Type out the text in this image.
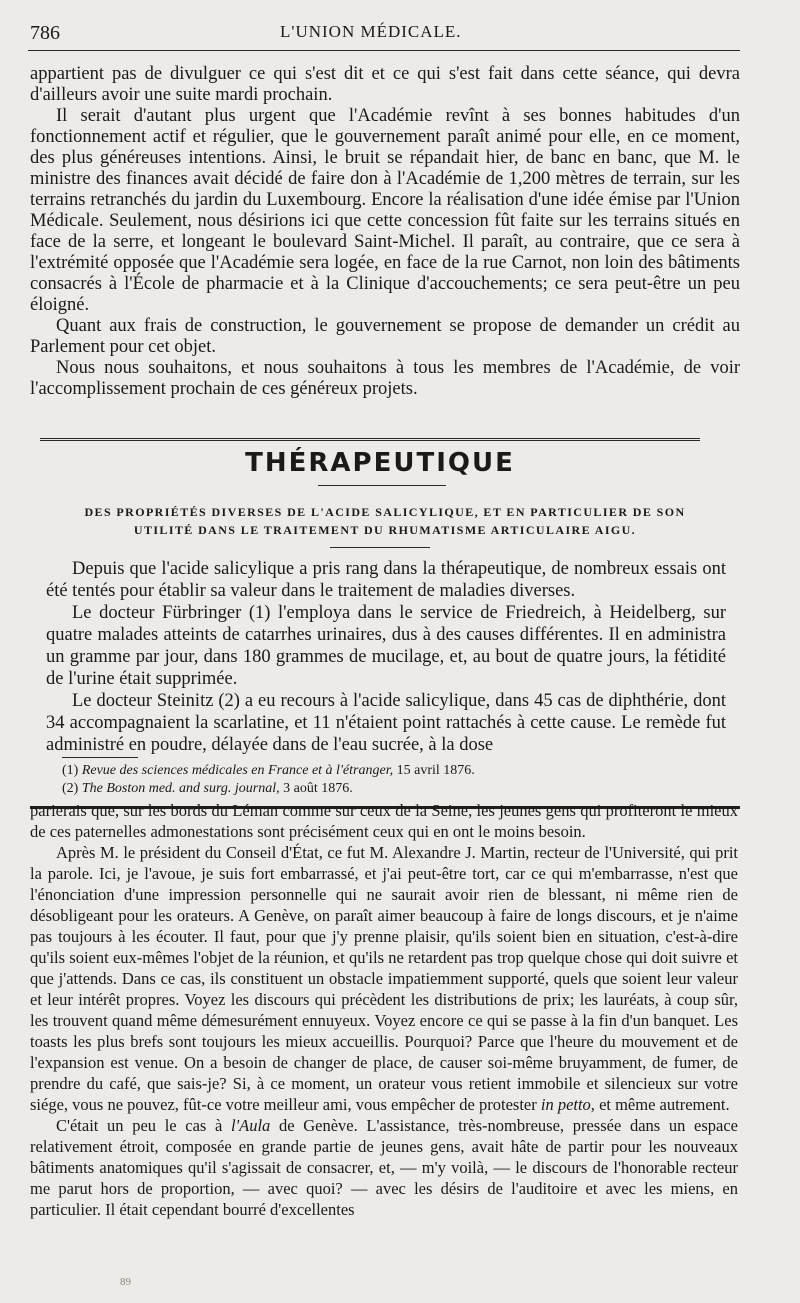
786	L'UNION MÉDICALE.

appartient pas de divulguer ce qui s'est dit et ce qui s'est fait dans cette séance, qui devra d'ailleurs avoir une suite mardi prochain.

Il serait d'autant plus urgent que l'Académie revînt à ses bonnes habitudes d'un fonctionnement actif et régulier, que le gouvernement paraît animé pour elle, en ce moment, des plus généreuses intentions. Ainsi, le bruit se répandait hier, de banc en banc, que M. le ministre des finances avait décidé de faire don à l'Académie de 1,200 mètres de terrain, sur les terrains retranchés du jardin du Luxembourg. Encore la réalisation d'une idée émise par l'Union Médicale. Seulement, nous désirions ici que cette concession fût faite sur les terrains situés en face de la serre, et longeant le boulevard Saint-Michel. Il paraît, au contraire, que ce sera à l'extrémité opposée que l'Académie sera logée, en face de la rue Carnot, non loin des bâtiments consacrés à l'École de pharmacie et à la Clinique d'accouchements; ce sera peut-être un peu éloigné.

Quant aux frais de construction, le gouvernement se propose de demander un crédit au Parlement pour cet objet.

Nous nous souhaitons, et nous souhaitons à tous les membres de l'Académie, de voir l'accomplissement prochain de ces généreux projets.

THÉRAPEUTIQUE
DES PROPRIÉTÉS DIVERSES DE L'ACIDE SALICYLIQUE, ET EN PARTICULIER DE SON
UTILITÉ DANS LE TRAITEMENT DU RHUMATISME ARTICULAIRE AIGU.

Depuis que l'acide salicylique a pris rang dans la thérapeutique, de nombreux essais ont été tentés pour établir sa valeur dans le traitement de maladies diverses.

Le docteur Fürbringer (1) l'employa dans le service de Friedreich, à Heidelberg, sur quatre malades atteints de catarrhes urinaires, dus à des causes différentes. Il en administra un gramme par jour, dans 180 grammes de mucilage, et, au bout de quatre jours, la fétidité de l'urine était supprimée.

Le docteur Steinitz (2) a eu recours à l'acide salicylique, dans 45 cas de diphthérie, dont 34 accompagnaient la scarlatine, et 11 n'étaient point rattachés à cette cause. Le remède fut administré en poudre, délayée dans de l'eau sucrée, à la dose

(1) Revue des sciences médicales en France et à l'étranger, 15 avril 1876.
(2) The Boston med. and surg. journal, 3 août 1876.

parierais que, sur les bords du Léman comme sur ceux de la Seine, les jeunes gens qui profiteront le mieux de ces paternelles admonestations sont précisément ceux qui en ont le moins besoin.

Après M. le président du Conseil d'État, ce fut M. Alexandre J. Martin, recteur de l'Université, qui prit la parole. Ici, je l'avoue, je suis fort embarrassé, et j'ai peut-être tort, car ce qui m'embarrasse, n'est que l'énonciation d'une impression personnelle qui ne saurait avoir rien de blessant, ni même rien de désobligeant pour les orateurs. A Genève, on paraît aimer beaucoup à faire de longs discours, et je n'aime pas toujours à les écouter. Il faut, pour que j'y prenne plaisir, qu'ils soient bien en situation, c'est-à-dire qu'ils soient eux-mêmes l'objet de la réunion, et qu'ils ne retardent pas trop quelque chose qui doit suivre et que j'attends. Dans ce cas, ils constituent un obstacle impatiemment supporté, quels que soient leur valeur et leur intérêt propres. Voyez les discours qui précèdent les distributions de prix; les lauréats, à coup sûr, les trouvent quand même démesurément ennuyeux. Voyez encore ce qui se passe à la fin d'un banquet. Les toasts les plus brefs sont toujours les mieux accueillis. Pourquoi? Parce que l'heure du mouvement et de l'expansion est venue. On a besoin de changer de place, de causer soi-même bruyamment, de fumer, de prendre du café, que sais-je? Si, à ce moment, un orateur vous retient immobile et silencieux sur votre siége, vous ne pouvez, fût-ce votre meilleur ami, vous empêcher de protester in petto, et même autrement.

C'était un peu le cas à l'Aula de Genève. L'assistance, très-nombreuse, pressée dans un espace relativement étroit, composée en grande partie de jeunes gens, avait hâte de partir pour les nouveaux bâtiments anatomiques qu'il s'agissait de consacrer, et, — m'y voilà, — le discours de l'honorable recteur me parut hors de proportion, — avec quoi? — avec les désirs de l'auditoire et avec les miens, en particulier. Il était cependant bourré d'excellentes

89
